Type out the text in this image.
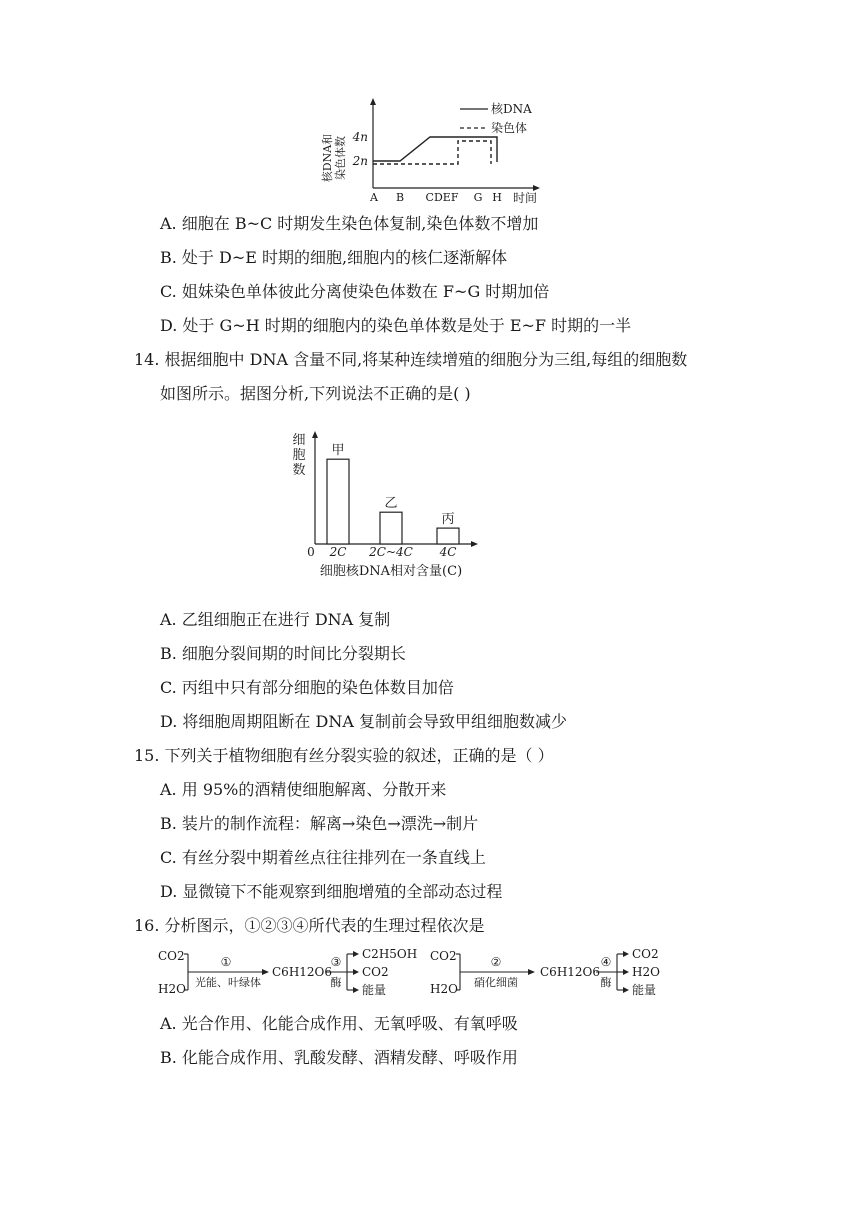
核DNA和 染色体数 4n
2n
A B CDEF G H 时间
核DNA
染色体
A. 细胞在 B~C 时期发生染色体复制,染色体数不增加
B. 处于 D~E 时期的细胞,细胞内的核仁逐渐解体
C. 姐妹染色单体彼此分离使染色体数在 F~G 时期加倍
D. 处于 G~H 时期的细胞内的染色单体数是处于 E~F 时期的一半
14. 根据细胞中 DNA 含量不同,将某种连续增殖的细胞分为三组,每组的细胞数
如图所示。据图分析,下列说法不正确的是( )
细
胞
数
0
甲
2C
乙
2C~4C
丙
4C
细胞核DNA相对含量(C)
A. 乙组细胞正在进行 DNA 复制
B. 细胞分裂间期的时间比分裂期长
C. 丙组中只有部分细胞的染色体数目加倍
D. 将细胞周期阻断在 DNA 复制前会导致甲组细胞数减少
15. 下列关于植物细胞有丝分裂实验的叙述，正确的是（ ）
A. 用 95%的酒精使细胞解离、分散开来
B. 装片的制作流程：解离→染色→漂洗→制片
C. 有丝分裂中期着丝点往往排列在一条直线上
D. 显微镜下不能观察到细胞增殖的全部动态过程
16. 分析图示，①②③④所代表的生理过程依次是
CO2
H2O
①
光能、叶绿体
C6H12O6
③
酶
C2H5OH
CO2
能量
CO2
H2O
②
硝化细菌
C6H12O6
④
酶
CO2
H2O
能量
A. 光合作用、化能合成作用、无氧呼吸、有氧呼吸
B. 化能合成作用、乳酸发酵、酒精发酵、呼吸作用
